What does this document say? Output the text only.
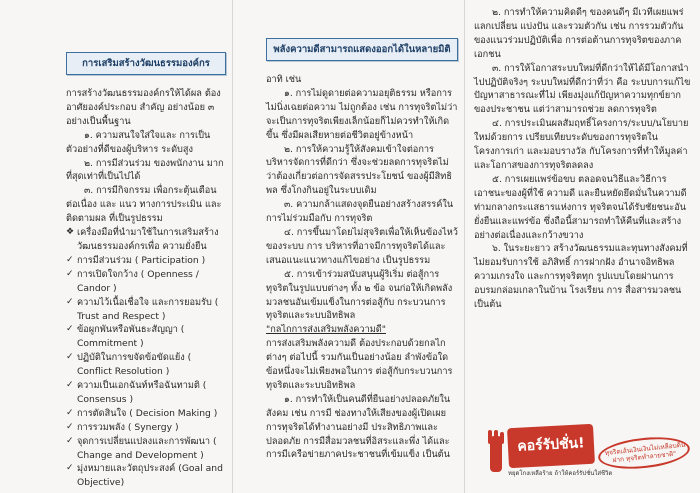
การเสริมสร้างวัฒนธรรมองค์กร

การสร้างวัฒนธรรมองค์กรให้ได้ผล ต้องอาศัยองค์ประกอบ สำคัญ อย่างน้อย ๓ อย่างเป็นพื้นฐาน

๑. ความสนใจใส่ใจและ การเป็นตัวอย่างที่ดีของผู้บริหาร ระดับสูง

๒. การมีส่วนร่วม ของพนักงาน มากที่สุดเท่าที่เป็นไปได้

๓. การมีกิจกรรม เพื่อกระตุ้นเตือน ต่อเนื่อง และ แนว ทางการประเมิน และติดตามผล ที่เป็นรูปธรรม

❖ เครื่องมือที่นำมาใช้ในการเสริมสร้างวัฒนธรรมองค์กรเพื่อ ความยั่งยืน

✓ การมีส่วนร่วม ( Participation )

✓ การเปิดใจกว้าง ( Openness / Candor )

✓ ความไว้เนื้อเชื่อใจ และการยอมรับ ( Trust and Respect )

✓ ข้อผูกพันหรือพันธะสัญญา ( Commitment )

✓ ปฏิบัติในการขจัดข้อขัดแย้ง ( Conflict Resolution )

✓ ความเป็นเอกฉันท์หรือฉันทามติ ( Consensus )

✓ การตัดสินใจ ( Decision Making )

✓ การรวมพลัง ( Synergy )

✓ จุดการเปลี่ยนแปลงและการพัฒนา ( Change and Development )

✓ มุ่งหมายและวัตถุประสงค์ (Goal and Objective)

พลังความดีสามารถแสดงออกได้ในหลายมิติ

อาทิ เช่น

๑. การไม่ดูดายต่อความอยุติธรรม หรือการไม่นิ่งเฉยต่อความ ไม่ถูกต้อง เช่น การทุจริตไม่ว่าจะเป็นการทุจริตเพียงเล็กน้อยก็ไม่ควรทำให้เกิดขึ้น ซึ่งมีผลเสียหายต่อชีวิตอยู่ข้างหน้า

๒. การให้ความรู้ให้สังคมเข้าใจต่อการบริหารจัดการที่ดีกว่า ซึ่งจะช่วยลดการทุจริตไม่ว่าต้องเกี่ยวต่อการจัดสรรประโยชน์ ของผู้มีสิทธิพล ซึ่งโกงกินอยู่ในระบบเดิม

๓. ความกล้าแสดงจุดยืนอย่างสร้างสรรค์ในการไม่ร่วมมือกับ การทุจริต

๔. การขึ้นมาโดยไม่สุจริตเพื่อให้เห็นข้องไหว้ของระบบ การ บริหารที่อาจมีการทุจริตได้และเสนอแนะแนวทางแก้ไขอย่าง เป็นรูปธรรม

๕. การเข้าร่วมสนับสนุนผู้ริเริ่ม ต่อสู้การทุจริตในรูปแบบต่างๆ ทั้ง ๒ ข้อ จนก่อให้เกิดพลังมวลชนอันเข้มแข็งในการต่อสู้กับ กระบวนการทุจริตและระบบอิทธิพล

"กลไกการส่งเสริมพลังความดี"

การส่งเสริมพลังความดี ต้องประกอบด้วยกลไกต่างๆ ต่อไปนี้ รวมกันเป็นอย่างน้อย ลำพังข้อใดข้อหนึ่งจะไม่เพียงพอในการ ต่อสู้กับกระบวนการทุจริตและระบบอิทธิพล

๑. การทำให้เป็นคนดีที่ยืนอย่างปลอดภัยในสังคม เช่น การมี ช่องทางให้เสียงของผู้เปิดเผยการทุจริตได้ทำงานอย่างมี ประสิทธิภาพและปลอดภัย การมีสื่อมวลชนที่อิสระและพึ่ง ได้และการมีเครือข่ายภาคประชาชนที่เข้มแข็ง เป็นต้น

๒. การทำให้ความคิดดีๆ ของคนดีๆ มีเวทีเผยแพร่แลกเปลี่ยน แบ่งปัน และรวมตัวกัน เช่น การรวมตัวกันของแนวร่วมปฏิบัติเพื่อ การต่อต้านการทุจริตของภาคเอกชน

๓. การให้โอกาสระบบใหม่ที่ดีกว่าให้ได้มีโอกาสนำไปปฏิบัติจริงๆ ระบบใหม่ที่ดีกว่าที่ว่า คือ ระบบการแก้ไขปัญหาสาธารณะที่ไม่ เพียงมุ่งแก้ปัญหาความทุกข์ยากของประชาชน แต่ว่าสามารถช่วย ลดการทุจริต

๔. การประเมินผลสัมฤทธิ์โครงการ/ระบบ/นโยบายใหม่ด้วยการ เปรียบเทียบระดับของการทุจริตในโครงการเก่า และมอบรางวัล กับโครงการที่ทำให้มูลค่าและโอกาสของการทุจริตลดลง

๕. การเผยแพร่ข้อขบ ตลอดจนวิธีและวิธีการเอาชนะของผู้ที่ใช้ ความดี และยืนหยัดยึดมั่นในความดีท่ามกลางกระแสธารแห่งการ ทุจริตจนได้รับชัยชนะอันยั่งยืนและแพร่ข้อ ซึ่งถือนี้สามารถทำให้คืนที่และสร้างอย่างต่อเนื่องและกว้างขวาง

๖. ในระยะยาว สร้างวัฒนธรรมและทุนทางสังคมที่ไม่ยอมรับการใช้ อภิสิทธิ์ การฝากฝัง อำนาจอิทธิพล ความเกรงใจ และการทุจริตทุก รูปแบบโดยผ่านการอบรมกล่อมเกลาในบ้าน โรงเรียน การ สื่อสารมวลชน เป็นต้น

คอร์รัปชั่น!
หยุดโกงเหลือร้าย ถ้าให้คอร์รัปชั่นใส่ชีวิต
"ทุจริตเส้นเงินเงินไม่เหลือบดินฝาก ทุจริตทำลายชาติ"
